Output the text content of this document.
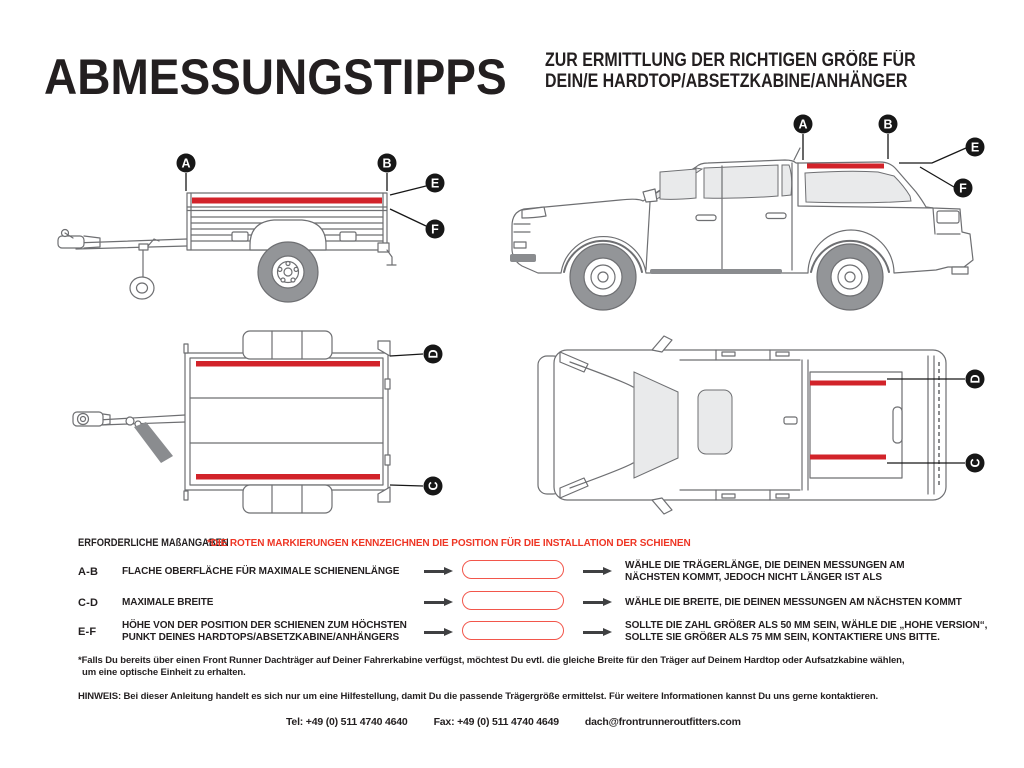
ABMESSUNGSTIPPS ZUR ERMITTLUNG DER RICHTIGEN GRÖßE FÜR
DEIN/E HARDTOP/ABSETZKABINE/ANHÄNGER
A	B
E
F
A	B
E
F
D
C
D
C
ERFORDERLICHE MAßANGABEN
*DIE ROTEN MARKIERUNGEN KENNZEICHNEN DIE POSITION FÜR DIE INSTALLATION DER SCHIENEN
A-B FLACHE OBERFLÄCHE FÜR MAXIMALE SCHIENENLÄNGE
WÄHLE DIE TRÄGERLÄNGE, DIE DEINEN MESSUNGEN AM
NÄCHSTEN KOMMT, JEDOCH NICHT LÄNGER IST ALS
C-D MAXIMALE BREITE	WÄHLE DIE BREITE, DIE DEINEN MESSUNGEN AM NÄCHSTEN KOMMT
E-F
HÖHE VON DER POSITION DER SCHIENEN ZUM HÖCHSTEN
PUNKT DEINES HARDTOPS/ABSETZKABINE/ANHÄNGERS
SOLLTE DIE ZAHL GRÖßER ALS 50 MM SEIN, WÄHLE DIE „HOHE VERSION“,
SOLLTE SIE GRÖßER ALS 75 MM SEIN, KONTAKTIERE UNS BITTE.
*Falls Du bereits über einen Front Runner Dachträger auf Deiner Fahrerkabine verfügst, möchtest Du evtl. die gleiche Breite für den Träger auf Deinem Hardtop oder Aufsatzkabine wählen,
um eine optische Einheit zu erhalten.
HINWEIS: Bei dieser Anleitung handelt es sich nur um eine Hilfestellung, damit Du die passende Trägergröße ermittelst. Für weitere Informationen kannst Du uns gerne kontaktieren.
Tel: +49 (0) 511 4740 4640 Fax: +49 (0) 511 4740 4649 dach@frontrunneroutfitters.com
